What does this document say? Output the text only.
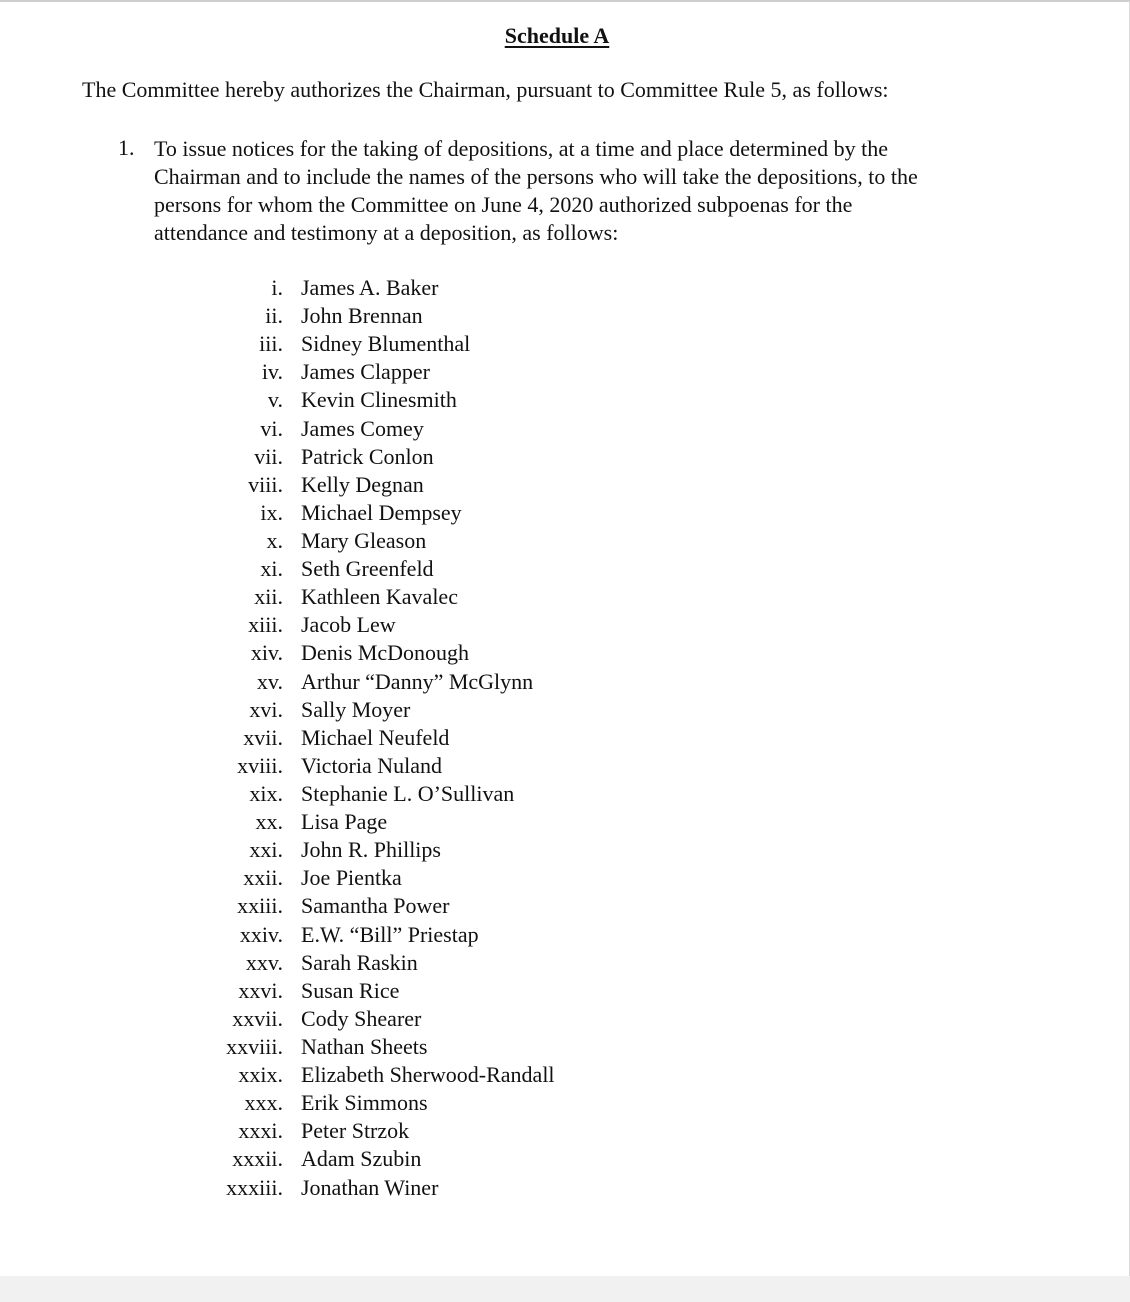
Schedule A
The Committee hereby authorizes the Chairman, pursuant to Committee Rule 5, as follows:
1. To issue notices for the taking of depositions, at a time and place determined by the
Chairman and to include the names of the persons who will take the depositions, to the
persons for whom the Committee on June 4, 2020 authorized subpoenas for the
attendance and testimony at a deposition, as follows:
i. James A. Baker
ii. John Brennan
iii. Sidney Blumenthal
iv. James Clapper
v. Kevin Clinesmith
vi. James Comey
vii. Patrick Conlon
viii. Kelly Degnan
ix. Michael Dempsey
x. Mary Gleason
xi. Seth Greenfeld
xii. Kathleen Kavalec
xiii. Jacob Lew
xiv. Denis McDonough
xv. Arthur “Danny” McGlynn
xvi. Sally Moyer
xvii. Michael Neufeld
xviii. Victoria Nuland
xix. Stephanie L. O’Sullivan
xx. Lisa Page
xxi. John R. Phillips
xxii. Joe Pientka
xxiii. Samantha Power
xxiv. E.W. “Bill” Priestap
xxv. Sarah Raskin
xxvi. Susan Rice
xxvii. Cody Shearer
xxviii. Nathan Sheets
xxix. Elizabeth Sherwood-Randall
xxx. Erik Simmons
xxxi. Peter Strzok
xxxii. Adam Szubin
xxxiii. Jonathan Winer
